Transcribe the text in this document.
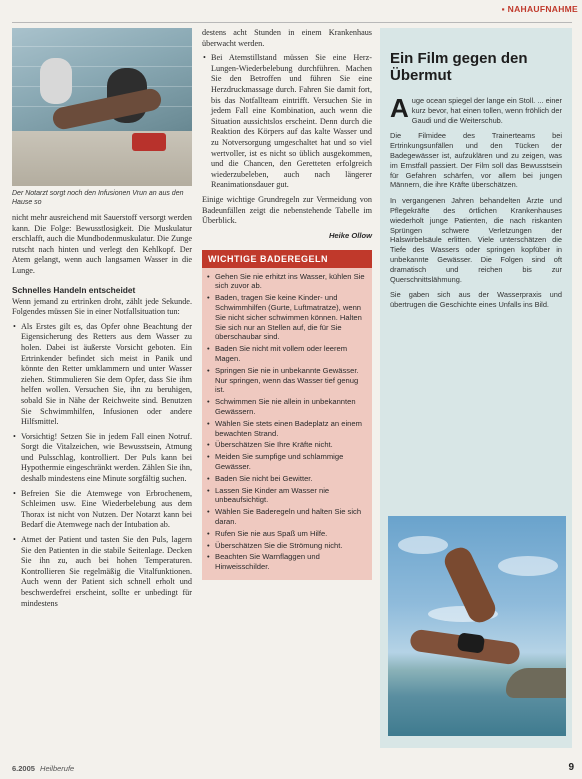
▪ NAHAUFNAHME
Der Notarzt sorgt noch den Infusionen Vrun an aus den Hause so

nicht mehr ausreichend mit Sauerstoff versorgt werden kann. Die Folge: Bewusstlosigkeit. Die Muskulatur erschlafft, auch die Mundbodenmuskulatur. Die Zunge rutscht nach hinten und verlegt den Kehlkopf. Der Atem gelangt, wenn auch langsamen Wasser in die Lunge.

Schnelles Handeln entscheidet

Wenn jemand zu ertrinken droht, zählt jede Sekunde. Folgendes müssen Sie in einer Notfallsituation tun:

• Als Erstes gilt es, das Opfer ohne Beachtung der Eigensicherung des Retters aus dem Wasser zu holen. Dabei ist äußerste Vorsicht geboten. Ein Ertrinkender befindet sich meist in Panik und könnte den Retter umklammern und unter Wasser ziehen. Stimmulieren Sie dem Opfer, dass Sie ihm helfen wollen. Versuchen Sie, ihn zu beruhigen, sobald Sie in Nähe der Reichweite sind. Benutzen Sie Schwimmhilfen, Infusionen oder andere Hilfsmittel.

• Vorsichtig! Setzen Sie in jedem Fall einen Notruf. Sorgt die Vitalzeichen, wie Bewusstsein, Atmung und Pulsschlag, kontrolliert. Der Puls kann bei Hypothermie eingeschränkt werden. Zählen Sie ihn, deshalb mindestens eine Minute sorgfältig suchen.

• Befreien Sie die Atemwege von Erbrochenem, Schleimen usw. Eine Wiederbelebung aus dem Thorax ist nicht von Nutzen. Der Notarzt kann bei Bedarf die Atemwege nach der Intubation ab.

• Atmet der Patient und tasten Sie den Puls, lagern Sie den Patienten in die stabile Seitenlage. Decken Sie ihn zu, auch bei hohen Temperaturen. Kontrollieren Sie regelmäßig die Vitalfunktionen. Auch wenn der Patient sich schnell erholt und beschwerdefrei erscheint, sollte er unbedingt für mindestens

destens acht Stunden in einem Krankenhaus überwacht werden.

• Bei Atemstillstand müssen Sie eine Herz-Lungen-Wiederbelebung durchführen. Machen Sie den Betroffen und führen Sie eine Herzdruckmassage durch. Fahren Sie damit fort, bis das Notfallteam eintrifft. Versuchen Sie in jedem Fall eine Kombination, auch wenn die Situation aussichtslos erscheint. Denn durch die Reaktion des Körpers auf das kalte Wasser und zu Notversorgung umgeschaltet hat und so viel wertvoller, ist es nicht so üblich ausgekommen, und die Chancen, den Geretteten erfolgreich wiederzubeleben, auch nach längerer Reanimationsdauer gut.

Einige wichtige Grundregeln zur Vermeidung von Badeunfällen zeigt die nebenstehende Tabelle im Überblick.

Heike Ollow
WICHTIGE BADEREGELN
• Gehen Sie nie erhitzt ins Wasser, kühlen Sie sich zuvor ab.
• Baden, tragen Sie keine Kinder- und Schwimmhilfen (Gurte, Luftmatratze), wenn Sie nicht sicher schwimmen können. Halten Sie sich nur an Stellen auf, die für Sie überschaubar sind.
• Baden Sie nicht mit vollem oder leerem Magen.
• Springen Sie nie in unbekannte Gewässer. Nur springen, wenn das Wasser tief genug ist.
• Schwimmen Sie nie allein in unbekannten Gewässern.
• Wählen Sie stets einen Badeplatz an einem bewachten Strand.
• Überschätzen Sie Ihre Kräfte nicht.
• Meiden Sie sumpfige und schlammige Gewässer.
• Baden Sie nicht bei Gewitter.
• Lassen Sie Kinder am Wasser nie unbeaufsichtigt.
• Wählen Sie Baderegeln und halten Sie sich daran.
• Rufen Sie nie aus Spaß um Hilfe.
• Überschätzen Sie die Strömung nicht.
• Beachten Sie Warnflaggen und Hinweisschilder.
Ein Film gegen den Übermut

A uge ocean spiegel der lange ein Stoll. ... einer kurz bevor, hat einen tollen, wenn fröhlich der Gaudi und die Weiterschub.

Die Filmidee des Trainerteams bei Ertrinkungsunfällen und den Tücken der Badegewässer ist, aufzuklären und zu zeigen, was im Ernstfall passiert. Der Film soll das Bewusstsein für Gefahren schärfen, vor allem bei jungen Männern, die ihre Kräfte überschätzen.

In vergangenen Jahren behandelten Ärzte und Pflegekräfte des örtlichen Krankenhauses wiederholt junge Patienten, die nach riskanten Sprüngen schwere Verletzungen der Halswirbelsäule erlitten. Viele unterschätzen die Tiefe des Wassers oder springen kopfüber in unbekannte Gewässer. Die Folgen sind oft dramatisch und reichen bis zur Querschnittslähmung.

Sie gaben sich aus der Wasserpraxis und übertrugen die Geschichte eines Unfalls ins Bild.

6.2005 Heilberufe	9
